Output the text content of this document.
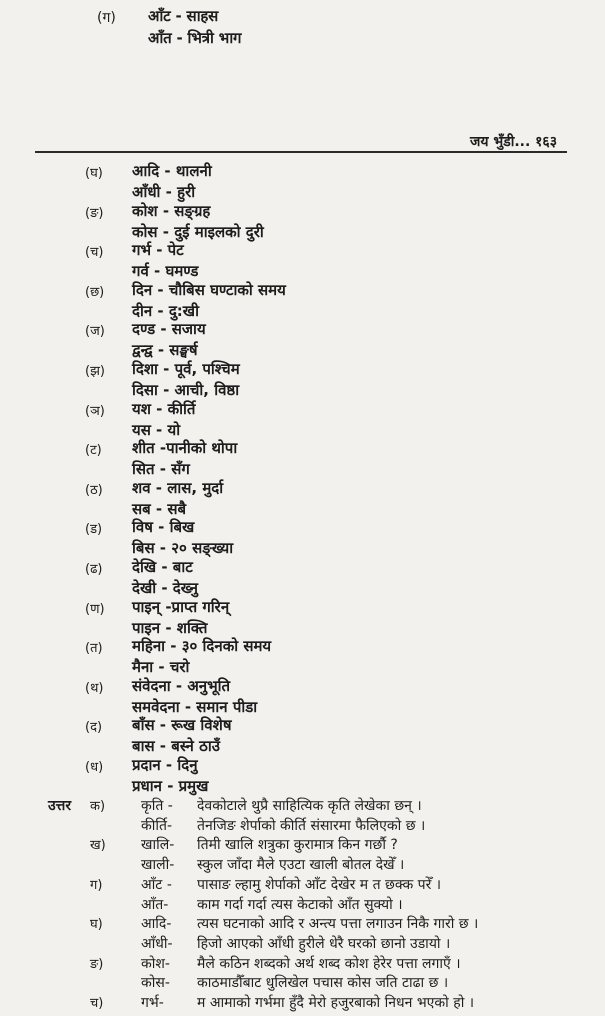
(ग) आँट - साहस
आँत - भित्री भाग
जय भुँडी... १६३
(घ) आदि - थालनी
आँधी - हुरी
(ङ) कोश - सङ्ग्रह
कोस - दुई माइलको दुरी
(च) गर्भ - पेट
गर्व - घमण्ड
(छ) दिन - चौबिस घण्टाको समय
दीन - दु:खी
(ज) दण्ड - सजाय
द्वन्द्व - सङ्घर्ष
(झ) दिशा - पूर्व, पश्चिम
दिसा - आची, विष्ठा
(ञ) यश - कीर्ति
यस - यो
(ट) शीत -पानीको थोपा
सित - सँग
(ठ) शव - लास, मुर्दा
सब - सबै
(ड) विष - बिख
बिस - २० सङ्ख्या
(ढ) देखि - बाट
देखी - देख्नु
(ण) पाइन् -प्राप्त गरिन्
पाइन - शक्ति
(त) महिना - ३० दिनको समय
मैना - चरो
(थ) संवेदना - अनुभूति
समवेदना - समान पीडा
(द) बाँस - रूख विशेष
बास - बस्ने ठाउँ
(ध) प्रदान - दिनु
प्रधान - प्रमुख
उत्तर क)	कृति - देवकोटाले थुप्रै साहित्यिक कृति लेखेका छन् ।
कीर्ति- तेनजिङ शेर्पाको कीर्ति संसारमा फैलिएको छ ।
ख)	खालि- तिमी खालि शत्रुका कुरामात्र किन गर्छौ ?
खाली- स्कुल जाँदा मैले एउटा खाली बोतल देखेँ ।
ग)	आँट - पासाङ ल्हामु शेर्पाको आँट देखेर म त छक्क परेँ ।
आँत- काम गर्दा गर्दा त्यस केटाको आँत सुक्यो ।
घ)	आदि- त्यस घटनाको आदि र अन्त्य पत्ता लगाउन निकै गारो छ ।
आँधी- हिजो आएको आँधी हुरीले धेरै घरको छानो उडायो ।
ङ)	कोश- मैले कठिन शब्दको अर्थ शब्द कोश हेरेर पत्ता लगाएँ ।
कोस- काठमाडौँबाट धुलिखेल पचास कोस जति टाढा छ ।
च)	गर्भ- म आमाको गर्भमा हुँदै मेरो हजुरबाको निधन भएको हो ।
